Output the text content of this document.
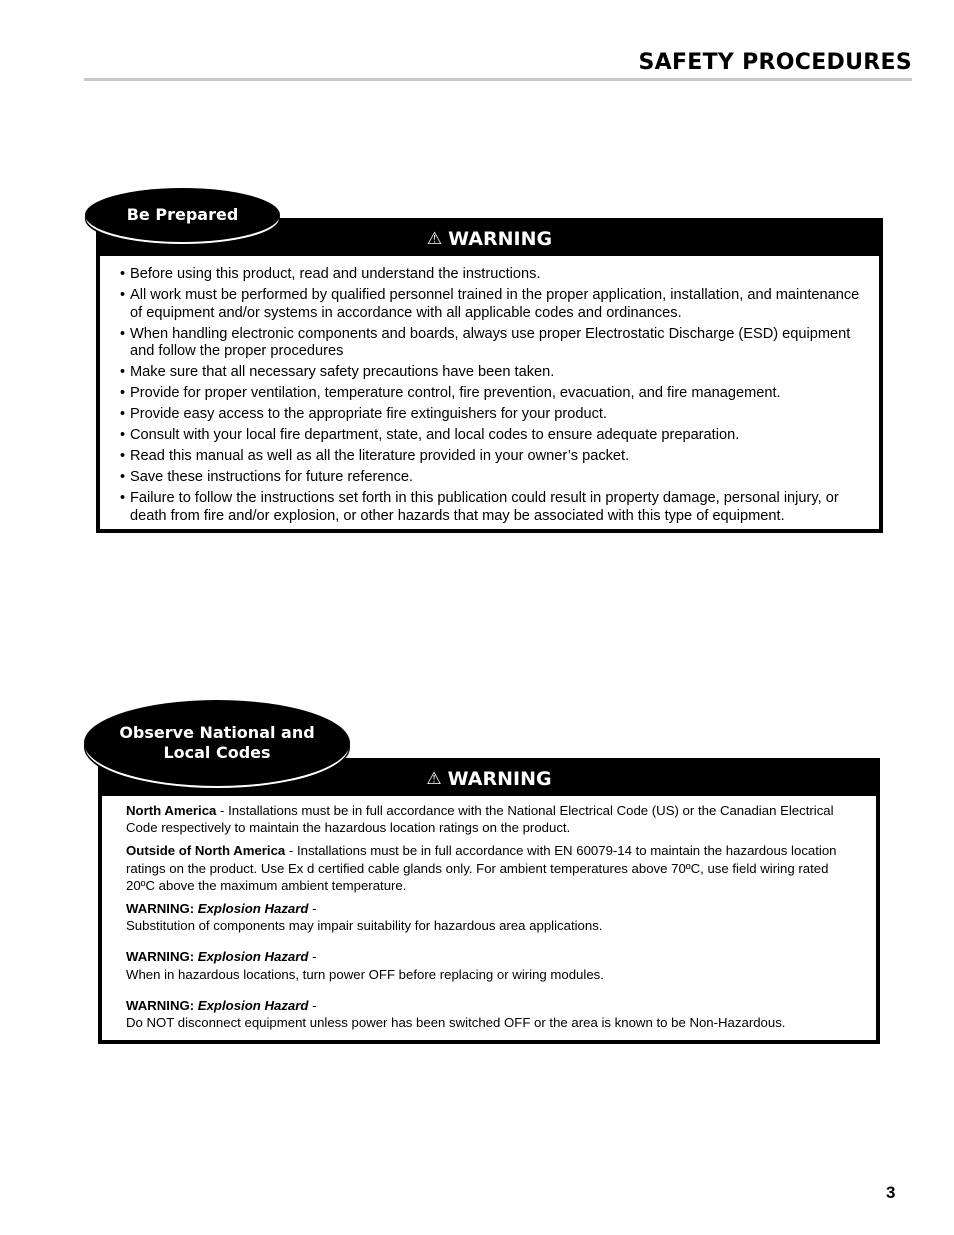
SAFETY PROCEDURES
⚠ WARNING
• Before using this product, read and understand the instructions.
• All work must be performed by qualified personnel trained in the proper application, installation, and maintenance of equipment and/or systems in accordance with all applicable codes and ordinances.
• When handling electronic components and boards, always use proper Electrostatic Discharge (ESD) equipment and follow the proper procedures
• Make sure that all necessary safety precautions have been taken.
• Provide for proper ventilation, temperature control, fire prevention, evacuation, and fire management.
• Provide easy access to the appropriate fire extinguishers for your product.
• Consult with your local fire department, state, and local codes to ensure adequate preparation.
• Read this manual as well as all the literature provided in your owner’s packet.
• Save these instructions for future reference.
• Failure to follow the instructions set forth in this publication could result in property damage, personal injury, or death from fire and/or explosion, or other hazards that may be associated with this type of equipment.
Be Prepared
⚠ WARNING

North America - Installations must be in full accordance with the National Electrical Code (US) or the Canadian Electrical Code respectively to maintain the hazardous location ratings on the product.

Outside of North America - Installations must be in full accordance with EN 60079-14 to maintain the hazardous location ratings on the product. Use Ex d certified cable glands only. For ambient temperatures above 70ºC, use field wiring rated 20ºC above the maximum ambient temperature.

WARNING: Explosion Hazard -
Substitution of components may impair suitability for hazardous area applications.

WARNING: Explosion Hazard -
When in hazardous locations, turn power OFF before replacing or wiring modules.

WARNING: Explosion Hazard -
Do NOT disconnect equipment unless power has been switched OFF or the area is known to be Non-Hazardous.

Observe National and
Local Codes
3
